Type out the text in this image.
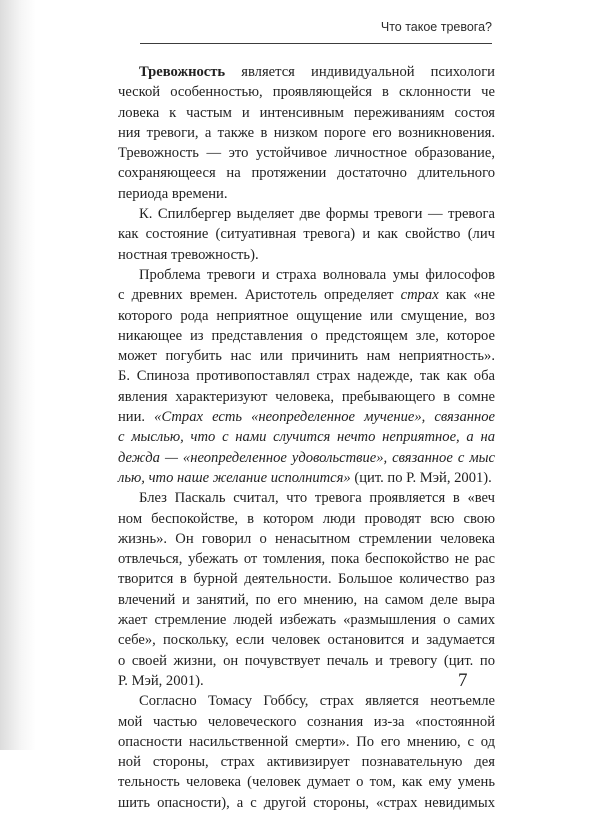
Что такое тревога?
Тревожность является индивидуальной психологи
ческой особенностью, проявляющейся в склонности че
ловека к частым и интенсивным переживаниям состоя
ния тревоги, а также в низком пороге его возникновения.
Тревожность — это устойчивое личностное образование,
сохраняющееся на протяжении достаточно длительного
периода времени.
К. Спилбергер выделяет две формы тревоги — тревога
как состояние (ситуативная тревога) и как свойство (лич
ностная тревожность).
Проблема тревоги и страха волновала умы философов
с древних времен. Аристотель определяет страх как «не
которого рода неприятное ощущение или смущение, воз
никающее из представления о предстоящем зле, которое
может погубить нас или причинить нам неприятность».
Б. Спиноза противопоставлял страх надежде, так как оба
явления характеризуют человека, пребывающего в сомне
нии. «Страх есть «неопределенное мучение», связанное
с мыслью, что с нами случится нечто неприятное, а на
дежда — «неопределенное удовольствие», связанное с мыс
лью, что наше желание исполнится» (цит. по Р. Мэй, 2001).
Блез Паскаль считал, что тревога проявляется в «веч
ном беспокойстве, в котором люди проводят всю свою
жизнь». Он говорил о ненасытном стремлении человека
отвлечься, убежать от томления, пока беспокойство не рас
творится в бурной деятельности. Большое количество раз
влечений и занятий, по его мнению, на самом деле выра
жает стремление людей избежать «размышления о самих
себе», поскольку, если человек остановится и задумается
о своей жизни, он почувствует печаль и тревогу (цит. по
Р. Мэй, 2001).
Согласно Томасу Гоббсу, страх является неотъемле
мой частью человеческого сознания из-за «постоянной
опасности насильственной смерти». По его мнению, с од
ной стороны, страх активизирует познавательную дея
тельность человека (человек думает о том, как ему умень
шить опасности), а с другой стороны, «страх невидимых
7
